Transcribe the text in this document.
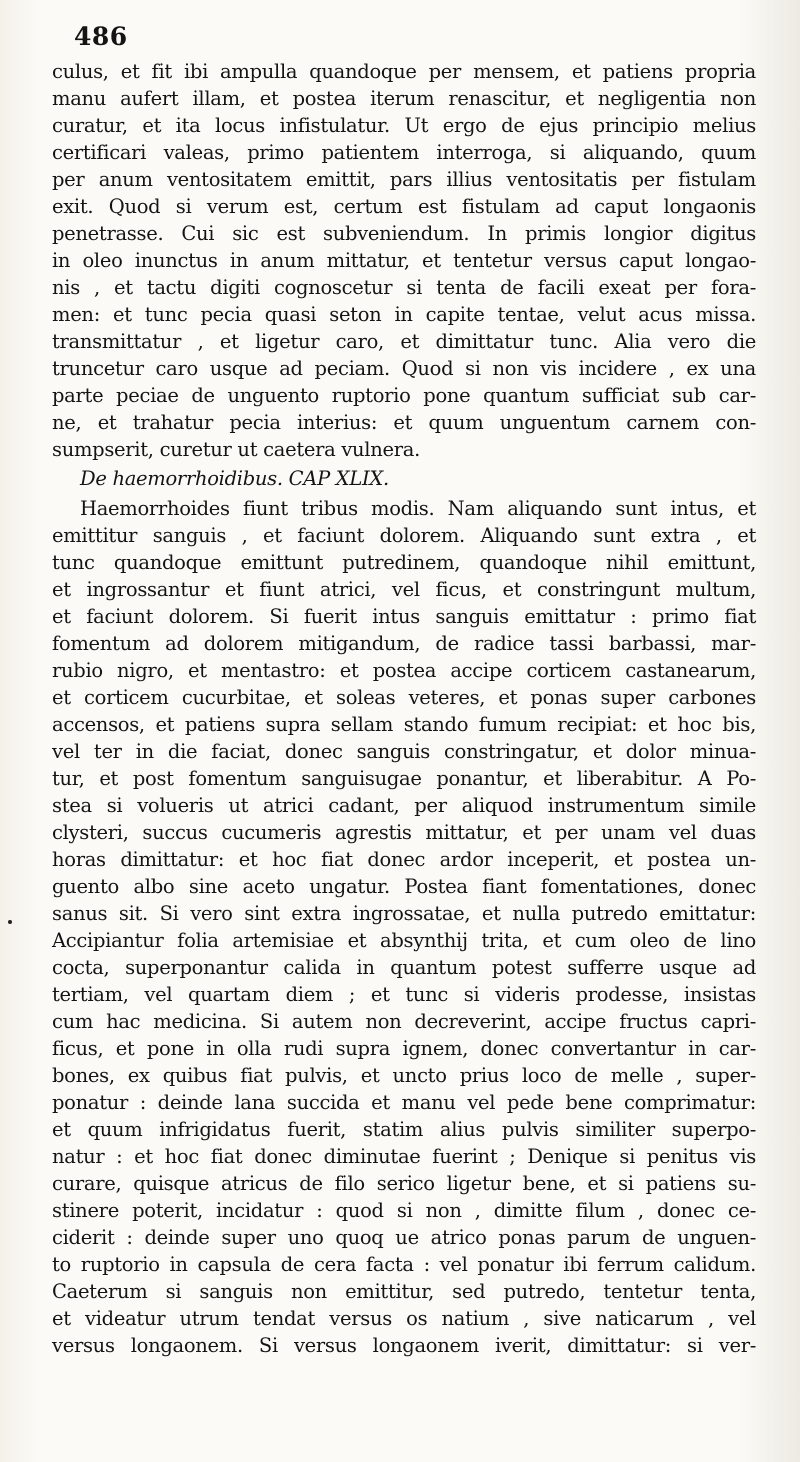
486
culus, et fit ibi ampulla quandoque per mensem, et patiens propria
manu aufert illam, et postea iterum renascitur, et negligentia non
curatur, et ita locus infistulatur. Ut ergo de ejus principio melius
certificari valeas, primo patientem interroga, si aliquando, quum
per anum ventositatem emittit, pars illius ventositatis per fistulam
exit. Quod si verum est, certum est fistulam ad caput longaonis
penetrasse. Cui sic est subveniendum. In primis longior digitus
in oleo inunctus in anum mittatur, et tentetur versus caput longao-
nis , et tactu digiti cognoscetur si tenta de facili exeat per fora-
men: et tunc pecia quasi seton in capite tentae, velut acus missa.
transmittatur , et ligetur caro, et dimittatur tunc. Alia vero die
truncetur caro usque ad peciam. Quod si non vis incidere , ex una
parte peciae de unguento ruptorio pone quantum sufficiat sub car-
ne, et trahatur pecia interius: et quum unguentum carnem con-
sumpserit, curetur ut caetera vulnera.
De haemorrhoidibus. CAP XLIX.
Haemorrhoides fiunt tribus modis. Nam aliquando sunt intus, et
emittitur sanguis , et faciunt dolorem. Aliquando sunt extra , et
tunc quandoque emittunt putredinem, quandoque nihil emittunt,
et ingrossantur et fiunt atrici, vel ficus, et constringunt multum,
et faciunt dolorem. Si fuerit intus sanguis emittatur : primo fiat
fomentum ad dolorem mitigandum, de radice tassi barbassi, mar-
rubio nigro, et mentastro: et postea accipe corticem castanearum,
et corticem cucurbitae, et soleas veteres, et ponas super carbones
accensos, et patiens supra sellam stando fumum recipiat: et hoc bis,
vel ter in die faciat, donec sanguis constringatur, et dolor minua-
tur, et post fomentum sanguisugae ponantur, et liberabitur. A Po-
stea si volueris ut atrici cadant, per aliquod instrumentum simile
clysteri, succus cucumeris agrestis mittatur, et per unam vel duas
horas dimittatur: et hoc fiat donec ardor inceperit, et postea un-
guento albo sine aceto ungatur. Postea fiant fomentationes, donec
sanus sit. Si vero sint extra ingrossatae, et nulla putredo emittatur:
Accipiantur folia artemisiae et absynthij trita, et cum oleo de lino
cocta, superponantur calida in quantum potest sufferre usque ad
tertiam, vel quartam diem ; et tunc si videris prodesse, insistas
cum hac medicina. Si autem non decreverint, accipe fructus capri-
ficus, et pone in olla rudi supra ignem, donec convertantur in car-
bones, ex quibus fiat pulvis, et uncto prius loco de melle , super-
ponatur : deinde lana succida et manu vel pede bene comprimatur:
et quum infrigidatus fuerit, statim alius pulvis similiter superpo-
natur : et hoc fiat donec diminutae fuerint ; Denique si penitus vis
curare, quisque atricus de filo serico ligetur bene, et si patiens su-
stinere poterit, incidatur : quod si non , dimitte filum , donec ce-
ciderit : deinde super uno quoq ue atrico ponas parum de unguen-
to ruptorio in capsula de cera facta : vel ponatur ibi ferrum calidum.
Caeterum si sanguis non emittitur, sed putredo, tentetur tenta,
et videatur utrum tendat versus os natium , sive naticarum , vel
versus longaonem. Si versus longaonem iverit, dimittatur: si ver-
